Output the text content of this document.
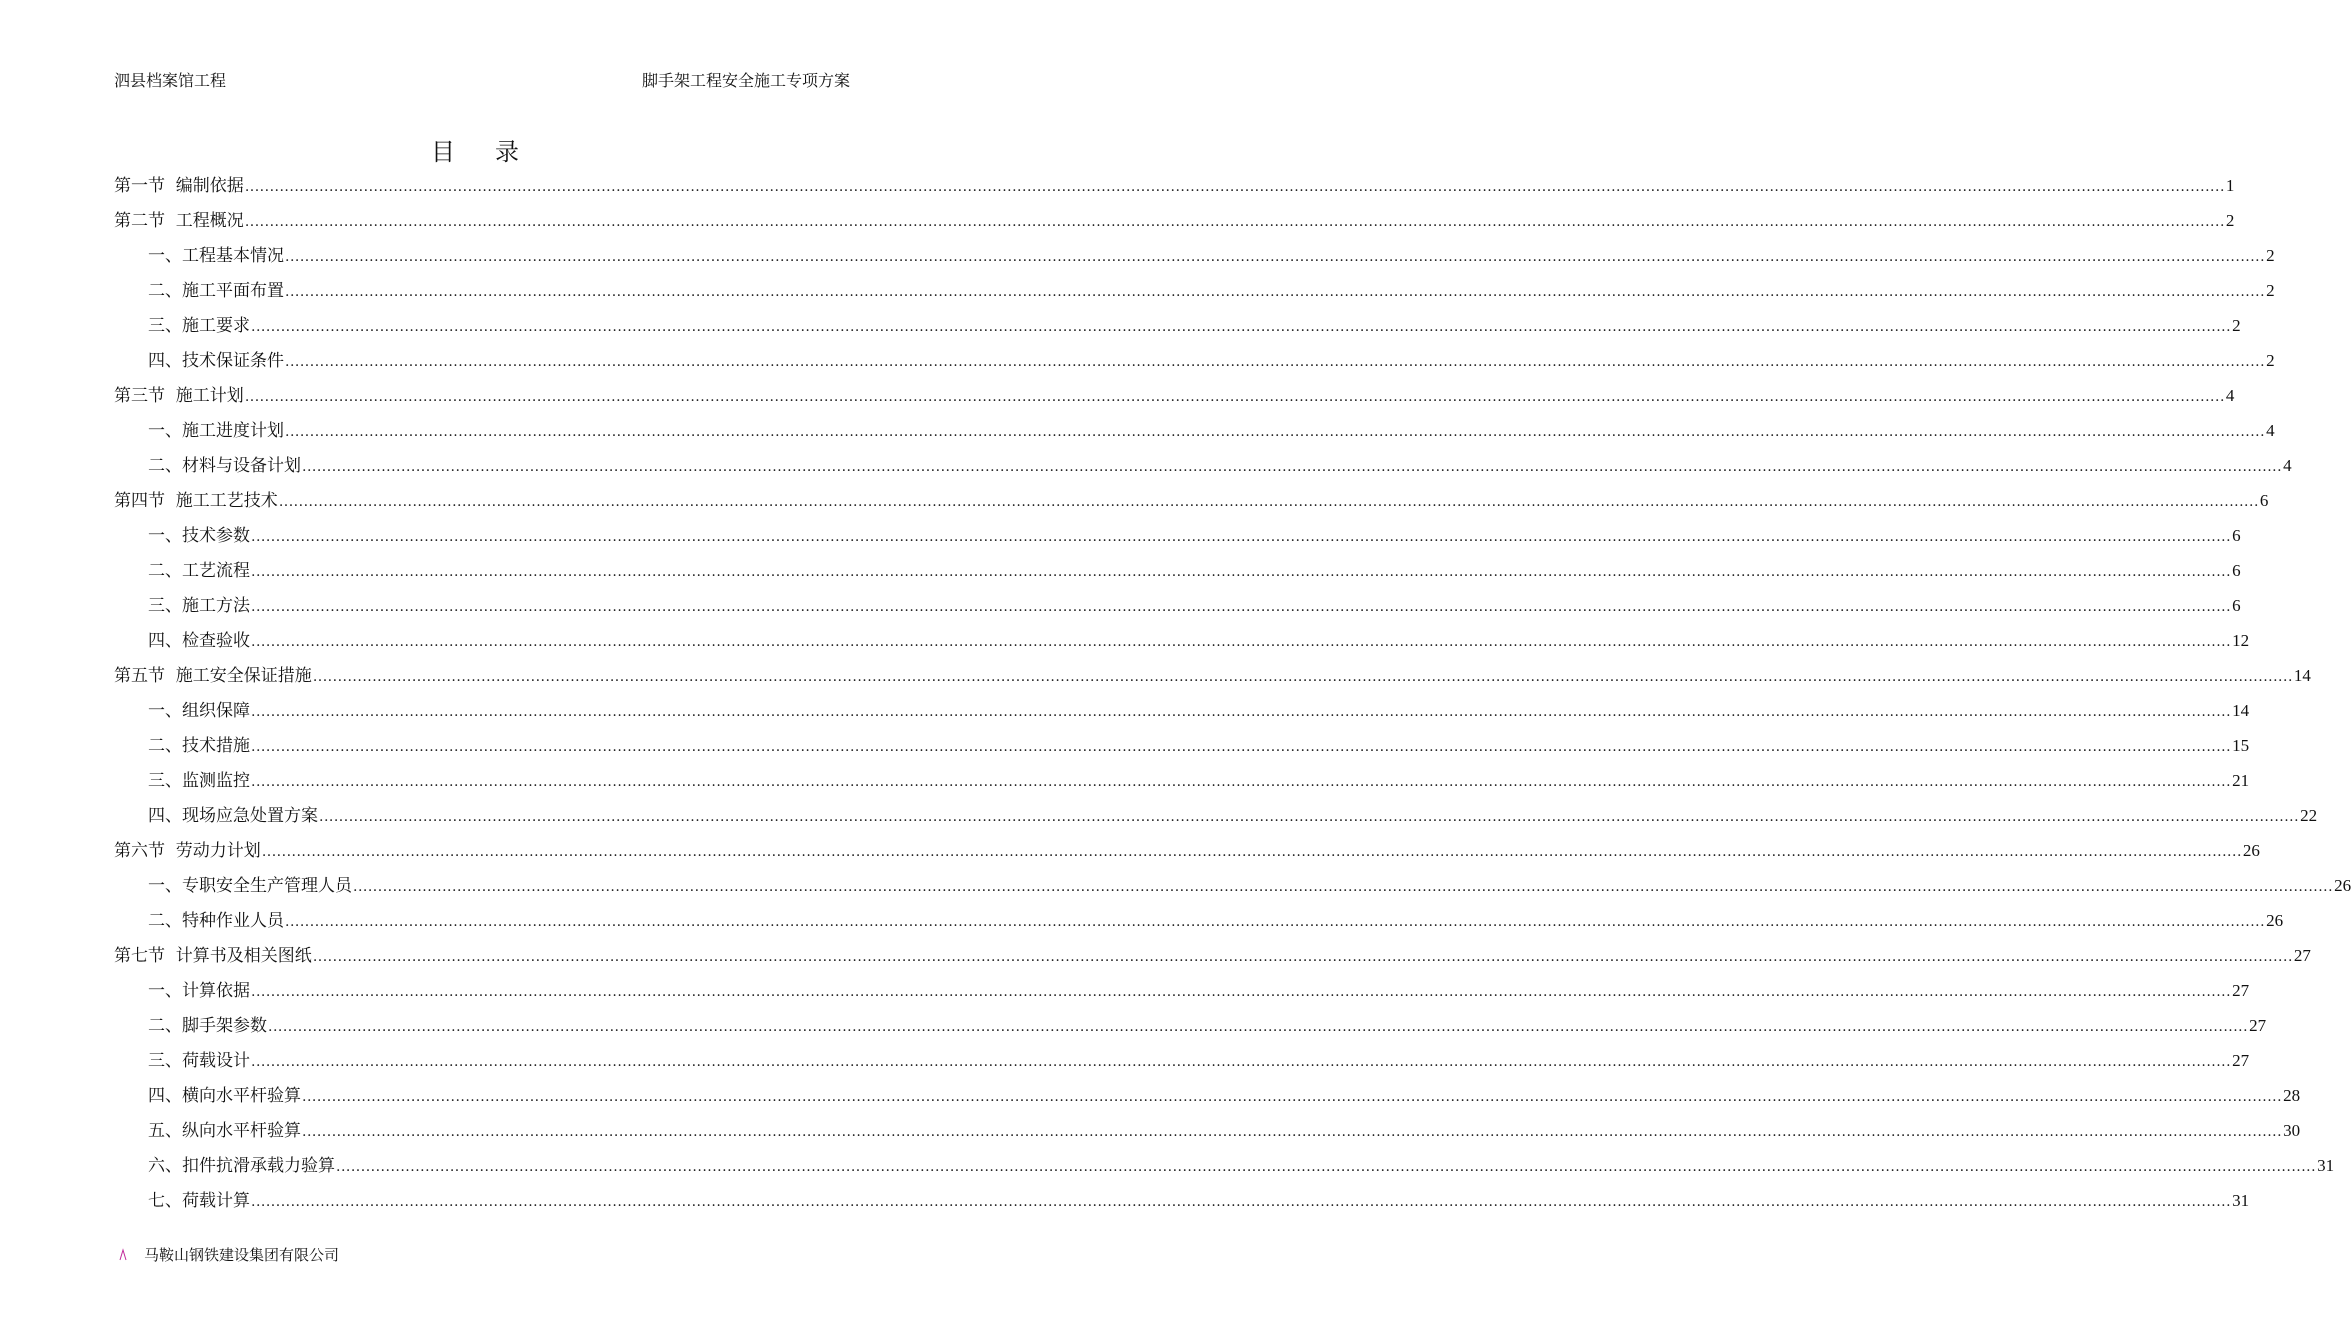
泗县档案馆工程	脚手架工程安全施工专项方案
目录
第一节  编制依据 ................................................................................................................................................................................................................................................................................................................................................................................................................ 1
第二节  工程概况 ................................................................................................................................................................................................................................................................................................................................................................................................................ 2
一、工程基本情况 ................................................................................................................................................................................................................................................................................................................................................................................................................ 2
二、施工平面布置 ................................................................................................................................................................................................................................................................................................................................................................................................................ 2
三、施工要求 ................................................................................................................................................................................................................................................................................................................................................................................................................ 2
四、技术保证条件 ................................................................................................................................................................................................................................................................................................................................................................................................................ 2
第三节  施工计划 ................................................................................................................................................................................................................................................................................................................................................................................................................ 4
一、施工进度计划 ................................................................................................................................................................................................................................................................................................................................................................................................................ 4
二、材料与设备计划 ................................................................................................................................................................................................................................................................................................................................................................................................................ 4
第四节  施工工艺技术 ................................................................................................................................................................................................................................................................................................................................................................................................................ 6
一、技术参数 ................................................................................................................................................................................................................................................................................................................................................................................................................ 6
二、工艺流程 ................................................................................................................................................................................................................................................................................................................................................................................................................ 6
三、施工方法 ................................................................................................................................................................................................................................................................................................................................................................................................................ 6
四、检查验收 ................................................................................................................................................................................................................................................................................................................................................................................................................ 12
第五节  施工安全保证措施 ................................................................................................................................................................................................................................................................................................................................................................................................................ 14
一、组织保障 ................................................................................................................................................................................................................................................................................................................................................................................................................ 14
二、技术措施 ................................................................................................................................................................................................................................................................................................................................................................................................................ 15
三、监测监控 ................................................................................................................................................................................................................................................................................................................................................................................................................ 21
四、现场应急处置方案 ................................................................................................................................................................................................................................................................................................................................................................................................................ 22
第六节  劳动力计划 ................................................................................................................................................................................................................................................................................................................................................................................................................ 26
一、专职安全生产管理人员 ................................................................................................................................................................................................................................................................................................................................................................................................................ 26
二、特种作业人员 ................................................................................................................................................................................................................................................................................................................................................................................................................ 26
第七节  计算书及相关图纸 ................................................................................................................................................................................................................................................................................................................................................................................................................ 27
一、计算依据 ................................................................................................................................................................................................................................................................................................................................................................................................................ 27
二、脚手架参数 ................................................................................................................................................................................................................................................................................................................................................................................................................ 27
三、荷载设计 ................................................................................................................................................................................................................................................................................................................................................................................................................ 27
四、横向水平杆验算 ................................................................................................................................................................................................................................................................................................................................................................................................................ 28
五、纵向水平杆验算 ................................................................................................................................................................................................................................................................................................................................................................................................................ 30
六、扣件抗滑承载力验算 ................................................................................................................................................................................................................................................................................................................................................................................................................ 31
七、荷载计算 ................................................................................................................................................................................................................................................................................................................................................................................................................ 31
马鞍山钢铁建设集团有限公司
